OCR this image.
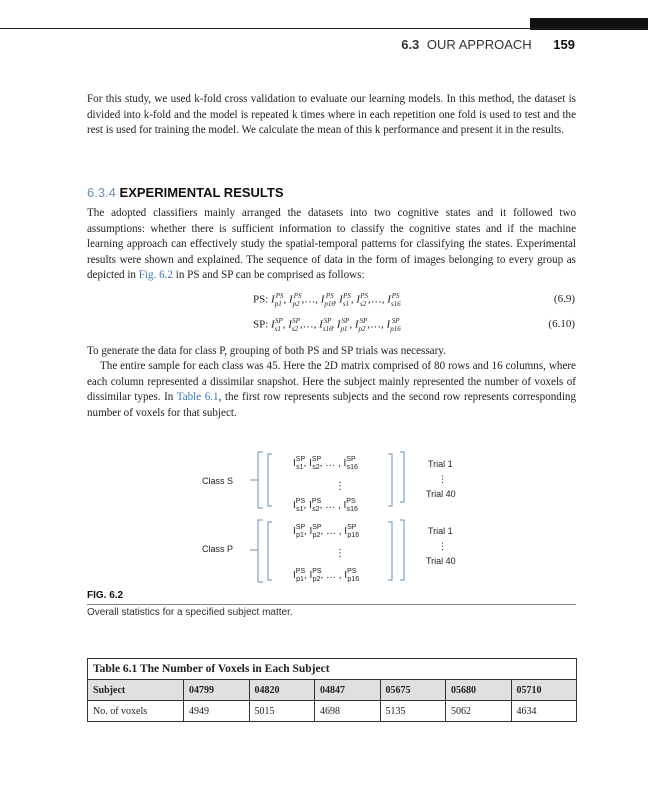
6.3 OUR APPROACH 159

For this study, we used k-fold cross validation to evaluate our learning models. In this method, the dataset is divided into k-fold and the model is repeated k times where in each repetition one fold is used to test and the rest is used for training the model. We calculate the mean of this k performance and present it in the results.

6.3.4 EXPERIMENTAL RESULTS

The adopted classifiers mainly arranged the datasets into two cognitive states and it followed two assumptions: whether there is sufficient information to classify the cognitive states and if the machine learning approach can effectively study the spatial-temporal patterns for classifying the states. Experimental results were shown and explained. The sequence of data in the form of images belonging to every group as depicted in Fig. 6.2 in PS and SP can be comprised as follows:

PS: $I_{p1}^{PS}$, $I_{p2}^{PS},\dots$, $I_{p16}^{PS}$, $I_{s1}^{PS}$, $I_{s2}^{PS},\dots$, $I_{s16}^{PS}$	(6.9)
SP: $I_{s1}^{SP}$, $I_{s2}^{SP},\dots$, $I_{s16}^{SP}$, $I_{p1}^{SP}$, $I_{p2}^{SP},\dots$, $I_{p16}^{SP}$	(6.10)

To generate the data for class P, grouping of both PS and SP trials was necessary.

The entire sample for each class was 45. Here the 2D matrix comprised of 80 rows and 16 columns, where each column represented a dissimilar snapshot. Here the subject mainly represented the number of voxels of dissimilar types. In Table 6.1, the first row represents subjects and the second row represents corresponding number of voxels for that subject.

$I^{SP}$ s1, $I^{SP}$ s2, … , $I^{SP}$ s16
⋮
$I^{PS}$ s1, $I^{PS}$ s2, … , $I^{PS}$ s16
$I^{SP}$ p1, $I^{SP}$ p2, … , $I^{SP}$ p16
⋮
$I^{PS}$ p1, $I^{PS}$ p2, … , $I^{PS}$ p16
Class S
Class P
Trial 1
⋮
Trial 40
Trial 1
⋮
Trial 40
FIG. 6.2
Overall statistics for a specified subject matter.
Table 6.1 The Number of Voxels in Each Subject						
Subject	04799	04820	04847	05675	05680	05710
No. of voxels	4949	5015	4698	5135	5062	4634
